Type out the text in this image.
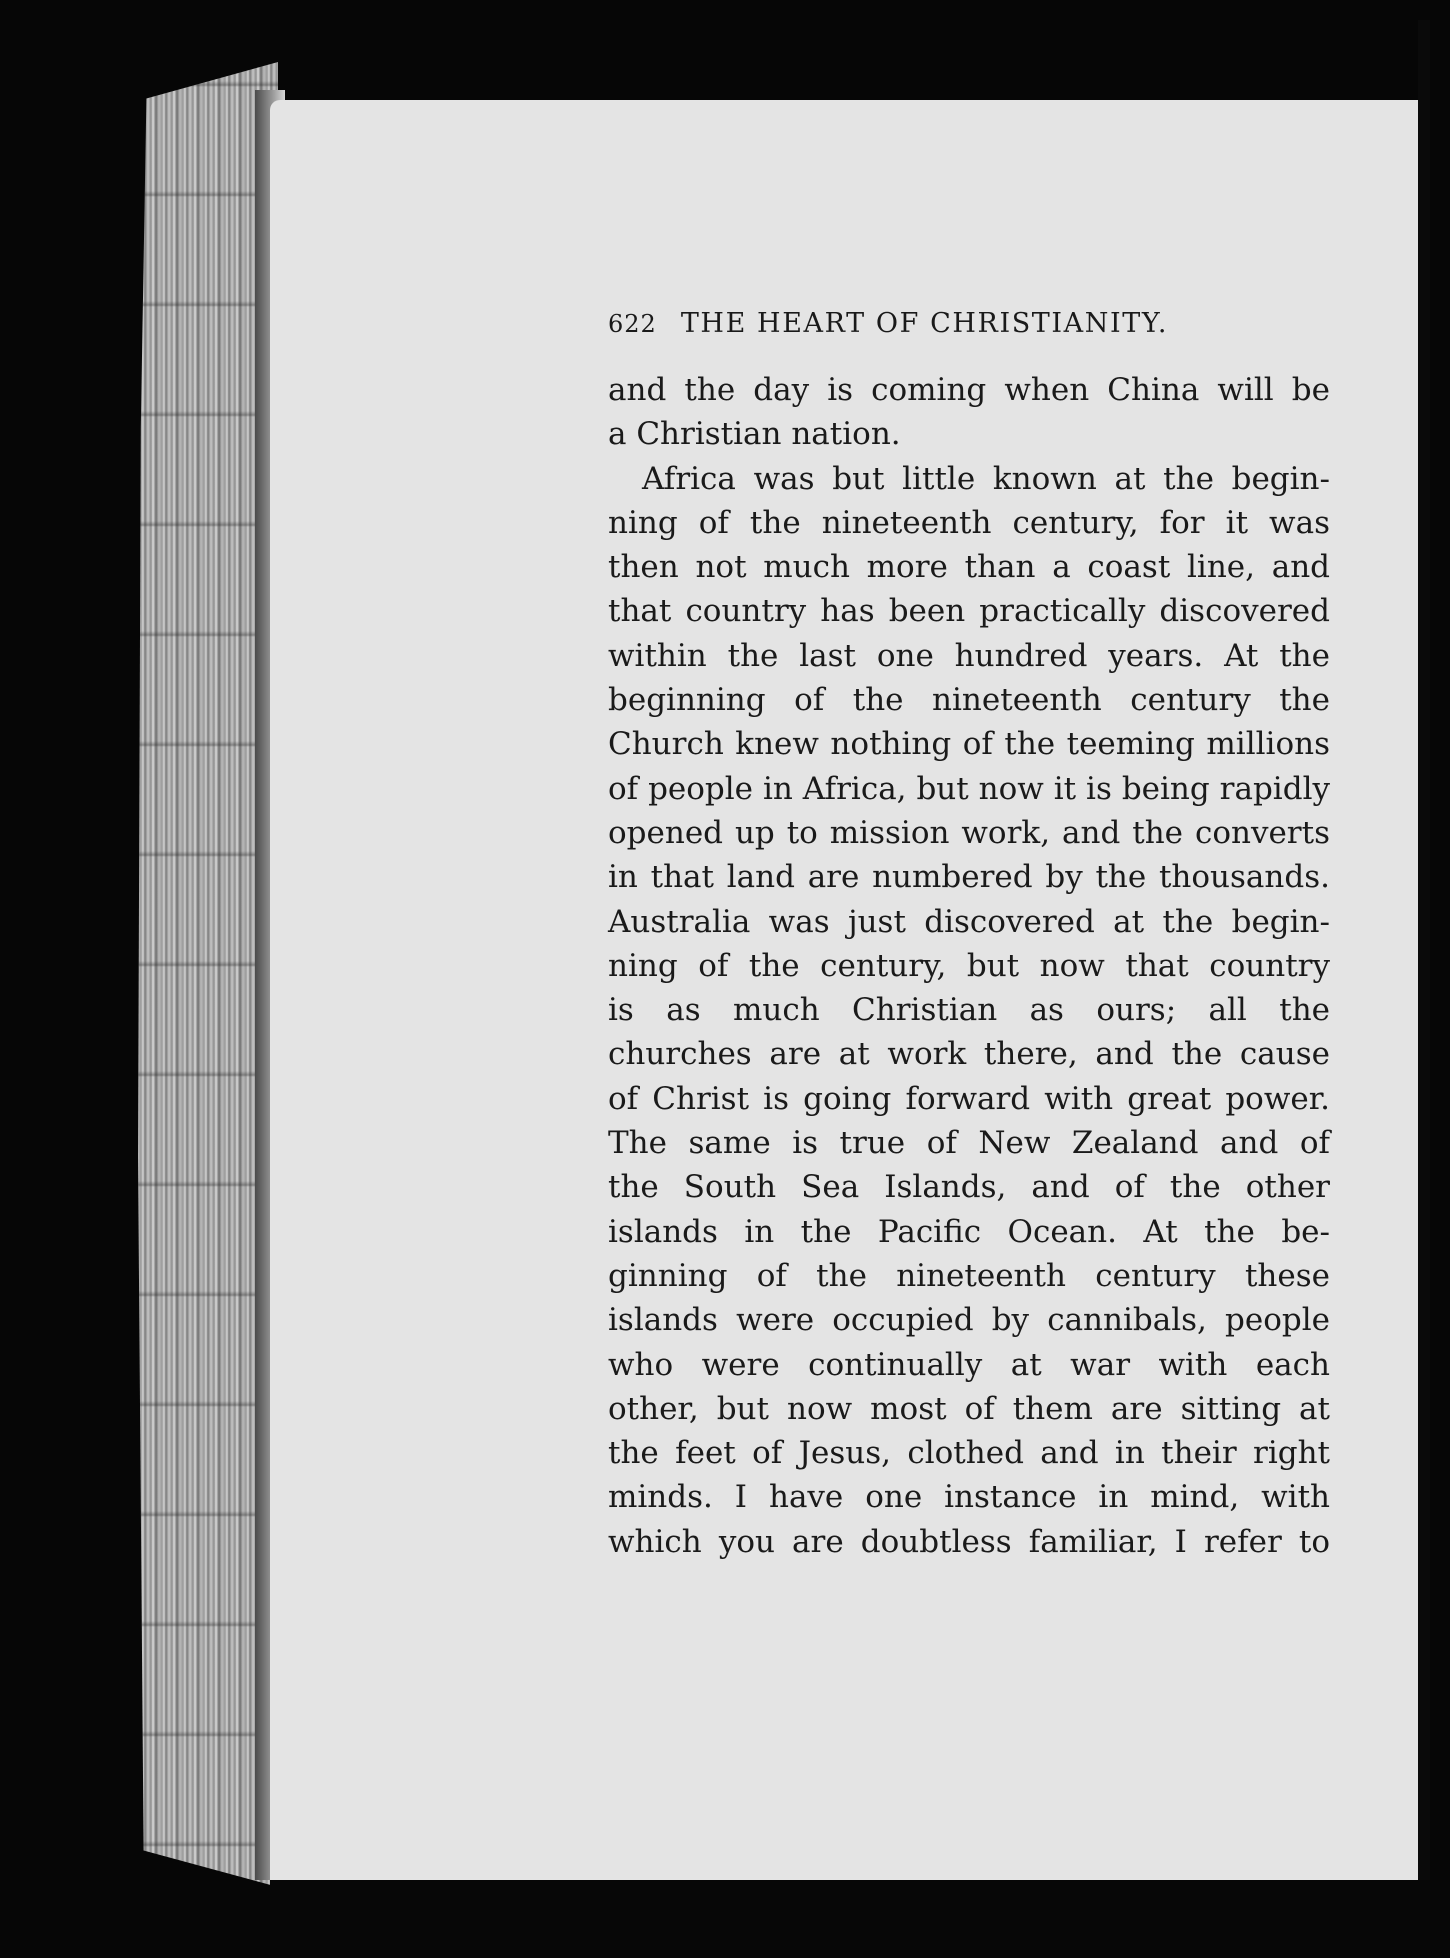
622 THE HEART OF CHRISTIANITY.
and the day is coming when China will be
a Christian nation.
Africa was but little known at the begin-
ning of the nineteenth century, for it was
then not much more than a coast line, and
that country has been practically discovered
within the last one hundred years. At the
beginning of the nineteenth century the
Church knew nothing of the teeming millions
of people in Africa, but now it is being rapidly
opened up to mission work, and the converts
in that land are numbered by the thousands.
Australia was just discovered at the begin-
ning of the century, but now that country
is as much Christian as ours; all the
churches are at work there, and the cause
of Christ is going forward with great power.
The same is true of New Zealand and of
the South Sea Islands, and of the other
islands in the Pacific Ocean. At the be-
ginning of the nineteenth century these
islands were occupied by cannibals, people
who were continually at war with each
other, but now most of them are sitting at
the feet of Jesus, clothed and in their right
minds. I have one instance in mind, with
which you are doubtless familiar, I refer to
